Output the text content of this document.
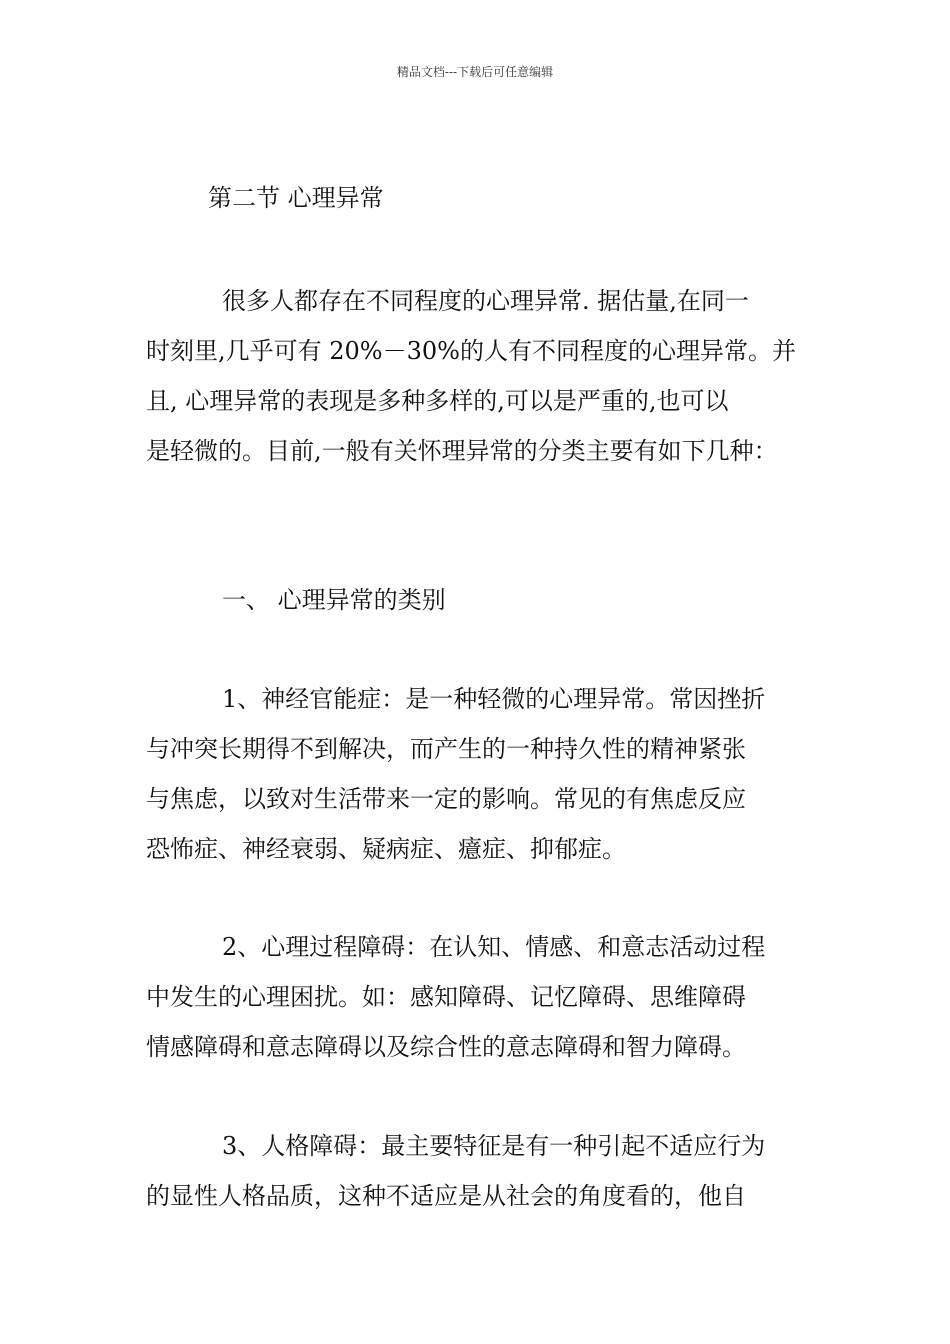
精品文档---下载后可任意编辑
第二节 心理异常
很多人都存在不同程度的心理异常. 据估量,在同一
时刻里,几乎可有 20%－30%的人有不同程度的心理异常。并
且, 心理异常的表现是多种多样的,可以是严重的,也可以
是轻微的。目前,一般有关怀理异常的分类主要有如下几种：
一、 心理异常的类别
1、神经官能症：是一种轻微的心理异常。常因挫折
与冲突长期得不到解决，而产生的一种持久性的精神紧张
与焦虑，以致对生活带来一定的影响。常见的有焦虑反应
恐怖症、神经衰弱、疑病症、癔症、抑郁症。
2、心理过程障碍：在认知、情感、和意志活动过程
中发生的心理困扰。如：感知障碍、记忆障碍、思维障碍
情感障碍和意志障碍以及综合性的意志障碍和智力障碍。
3、人格障碍：最主要特征是有一种引起不适应行为
的显性人格品质，这种不适应是从社会的角度看的，他自
